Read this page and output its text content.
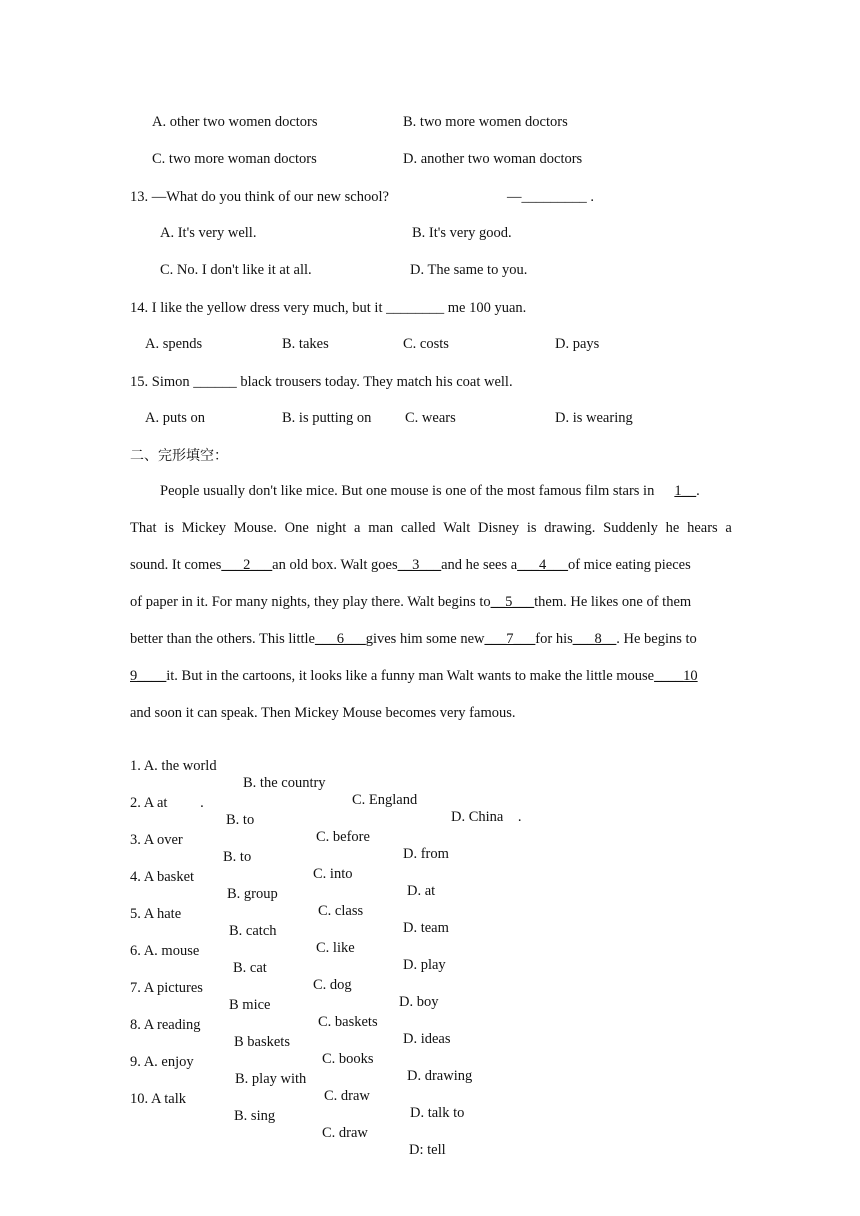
A. other two women doctors	B. two more women doctors
C. two more woman doctors	D. another two woman doctors
13. —What do you think of our new school?	—_________ .
A. It's very well.	B. It's very good.
C. No. I don't like it at all.	D. The same to you.
14. I like the yellow dress very much, but it ________ me 100 yuan.
A. spends	B. takes	C. costs	D. pays
15. Simon ______ black trousers today. They match his coat well.
A. puts on	B. is putting on C. wears	D. is wearing
二、完形填空：
People usually don't like mice. But one mouse is one of the most famous film stars in 1__.
That is Mickey Mouse. One night a man called Walt Disney is drawing. Suddenly he hears a
sound. It comes___2___an old box. Walt goes__3___and he sees a___4___of mice eating pieces
of paper in it. For many nights, they play there. Walt begins to__5___them. He likes one of them
better than the others. This little___6___gives him some new___7___for his___8__. He begins to
9____it. But in the cartoons, it looks like a funny man Walt wants to make the little mouse____10
and soon it can speak. Then Mickey Mouse becomes very famous.

1. A. the world

B. the country

C. England

D. China    .

2. A at         .

B. to

C. before

D. from

3. A over

B. to

C. into

D. at

4. A basket

B. group

C. class

D. team

5. A hate

B. catch

C. like

D. play

6. A. mouse

B. cat

C. dog

D. boy

7. A pictures

B mice

C. baskets

D. ideas

8. A reading

B baskets

C. books

D. drawing

9. A. enjoy

B. play with

C. draw

D. talk to

10. A talk

B. sing

C. draw

D: tell
